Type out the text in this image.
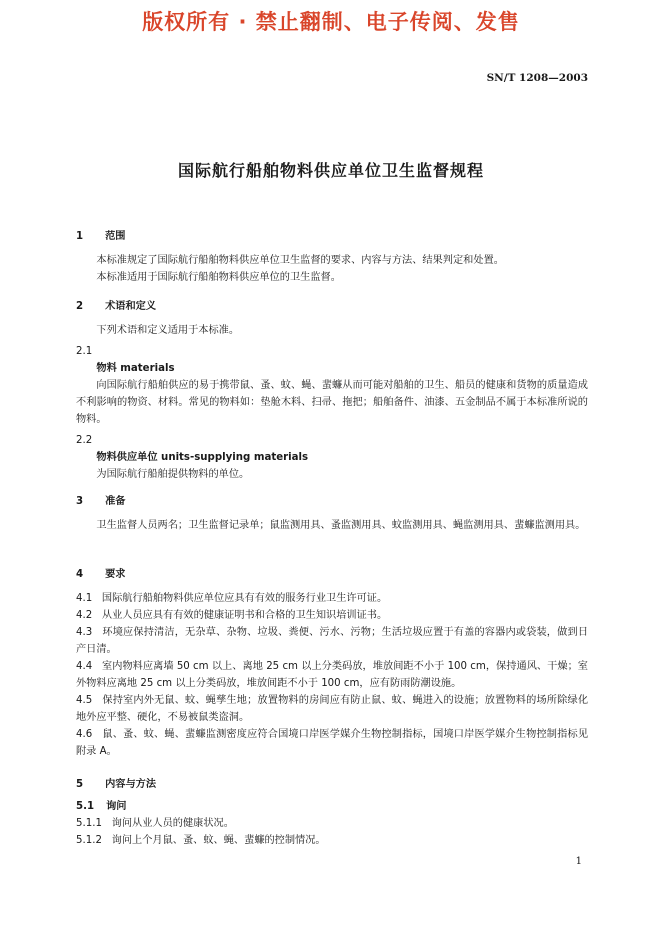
版权所有 · 禁止翻制、电子传阅、发售
SN/T 1208—2003
国际航行船舶物料供应单位卫生监督规程
1 范围
本标准规定了国际航行船舶物料供应单位卫生监督的要求、内容与方法、结果判定和处置。
本标准适用于国际航行船舶物料供应单位的卫生监督。
2 术语和定义
下列术语和定义适用于本标准。
2.1
物料 materials
向国际航行船舶供应的易于携带鼠、蚤、蚊、蝇、蜚蠊从而可能对船舶的卫生、船员的健康和货物的质量造成不利影响的物资、材料。常见的物料如：垫舱木料、扫帚、拖把；船舶备件、油漆、五金制品不属于本标准所说的物料。
2.2
物料供应单位 units-supplying materials
为国际航行船舶提供物料的单位。
3 准备
卫生监督人员两名；卫生监督记录单；鼠监测用具、蚤监测用具、蚊监测用具、蝇监测用具、蜚蠊监测用具。
4 要求
4.1 国际航行船舶物料供应单位应具有有效的服务行业卫生许可证。
4.2 从业人员应具有有效的健康证明书和合格的卫生知识培训证书。
4.3 环境应保持清洁，无杂草、杂物、垃圾、粪便、污水、污物；生活垃圾应置于有盖的容器内或袋装，做到日产日清。
4.4 室内物料应离墙 50 cm 以上、离地 25 cm 以上分类码放，堆放间距不小于 100 cm，保持通风、干燥；室外物料应离地 25 cm 以上分类码放，堆放间距不小于 100 cm，应有防雨防潮设施。
4.5 保持室内外无鼠、蚊、蝇孳生地；放置物料的房间应有防止鼠、蚊、蝇进入的设施；放置物料的场所除绿化地外应平整、硬化，不易被鼠类盗洞。
4.6 鼠、蚤、蚊、蝇、蜚蠊监测密度应符合国境口岸医学媒介生物控制指标，国境口岸医学媒介生物控制指标见附录 A。
5 内容与方法
5.1 询问
5.1.1 询问从业人员的健康状况。
5.1.2 询问上个月鼠、蚤、蚊、蝇、蜚蠊的控制情况。
1
